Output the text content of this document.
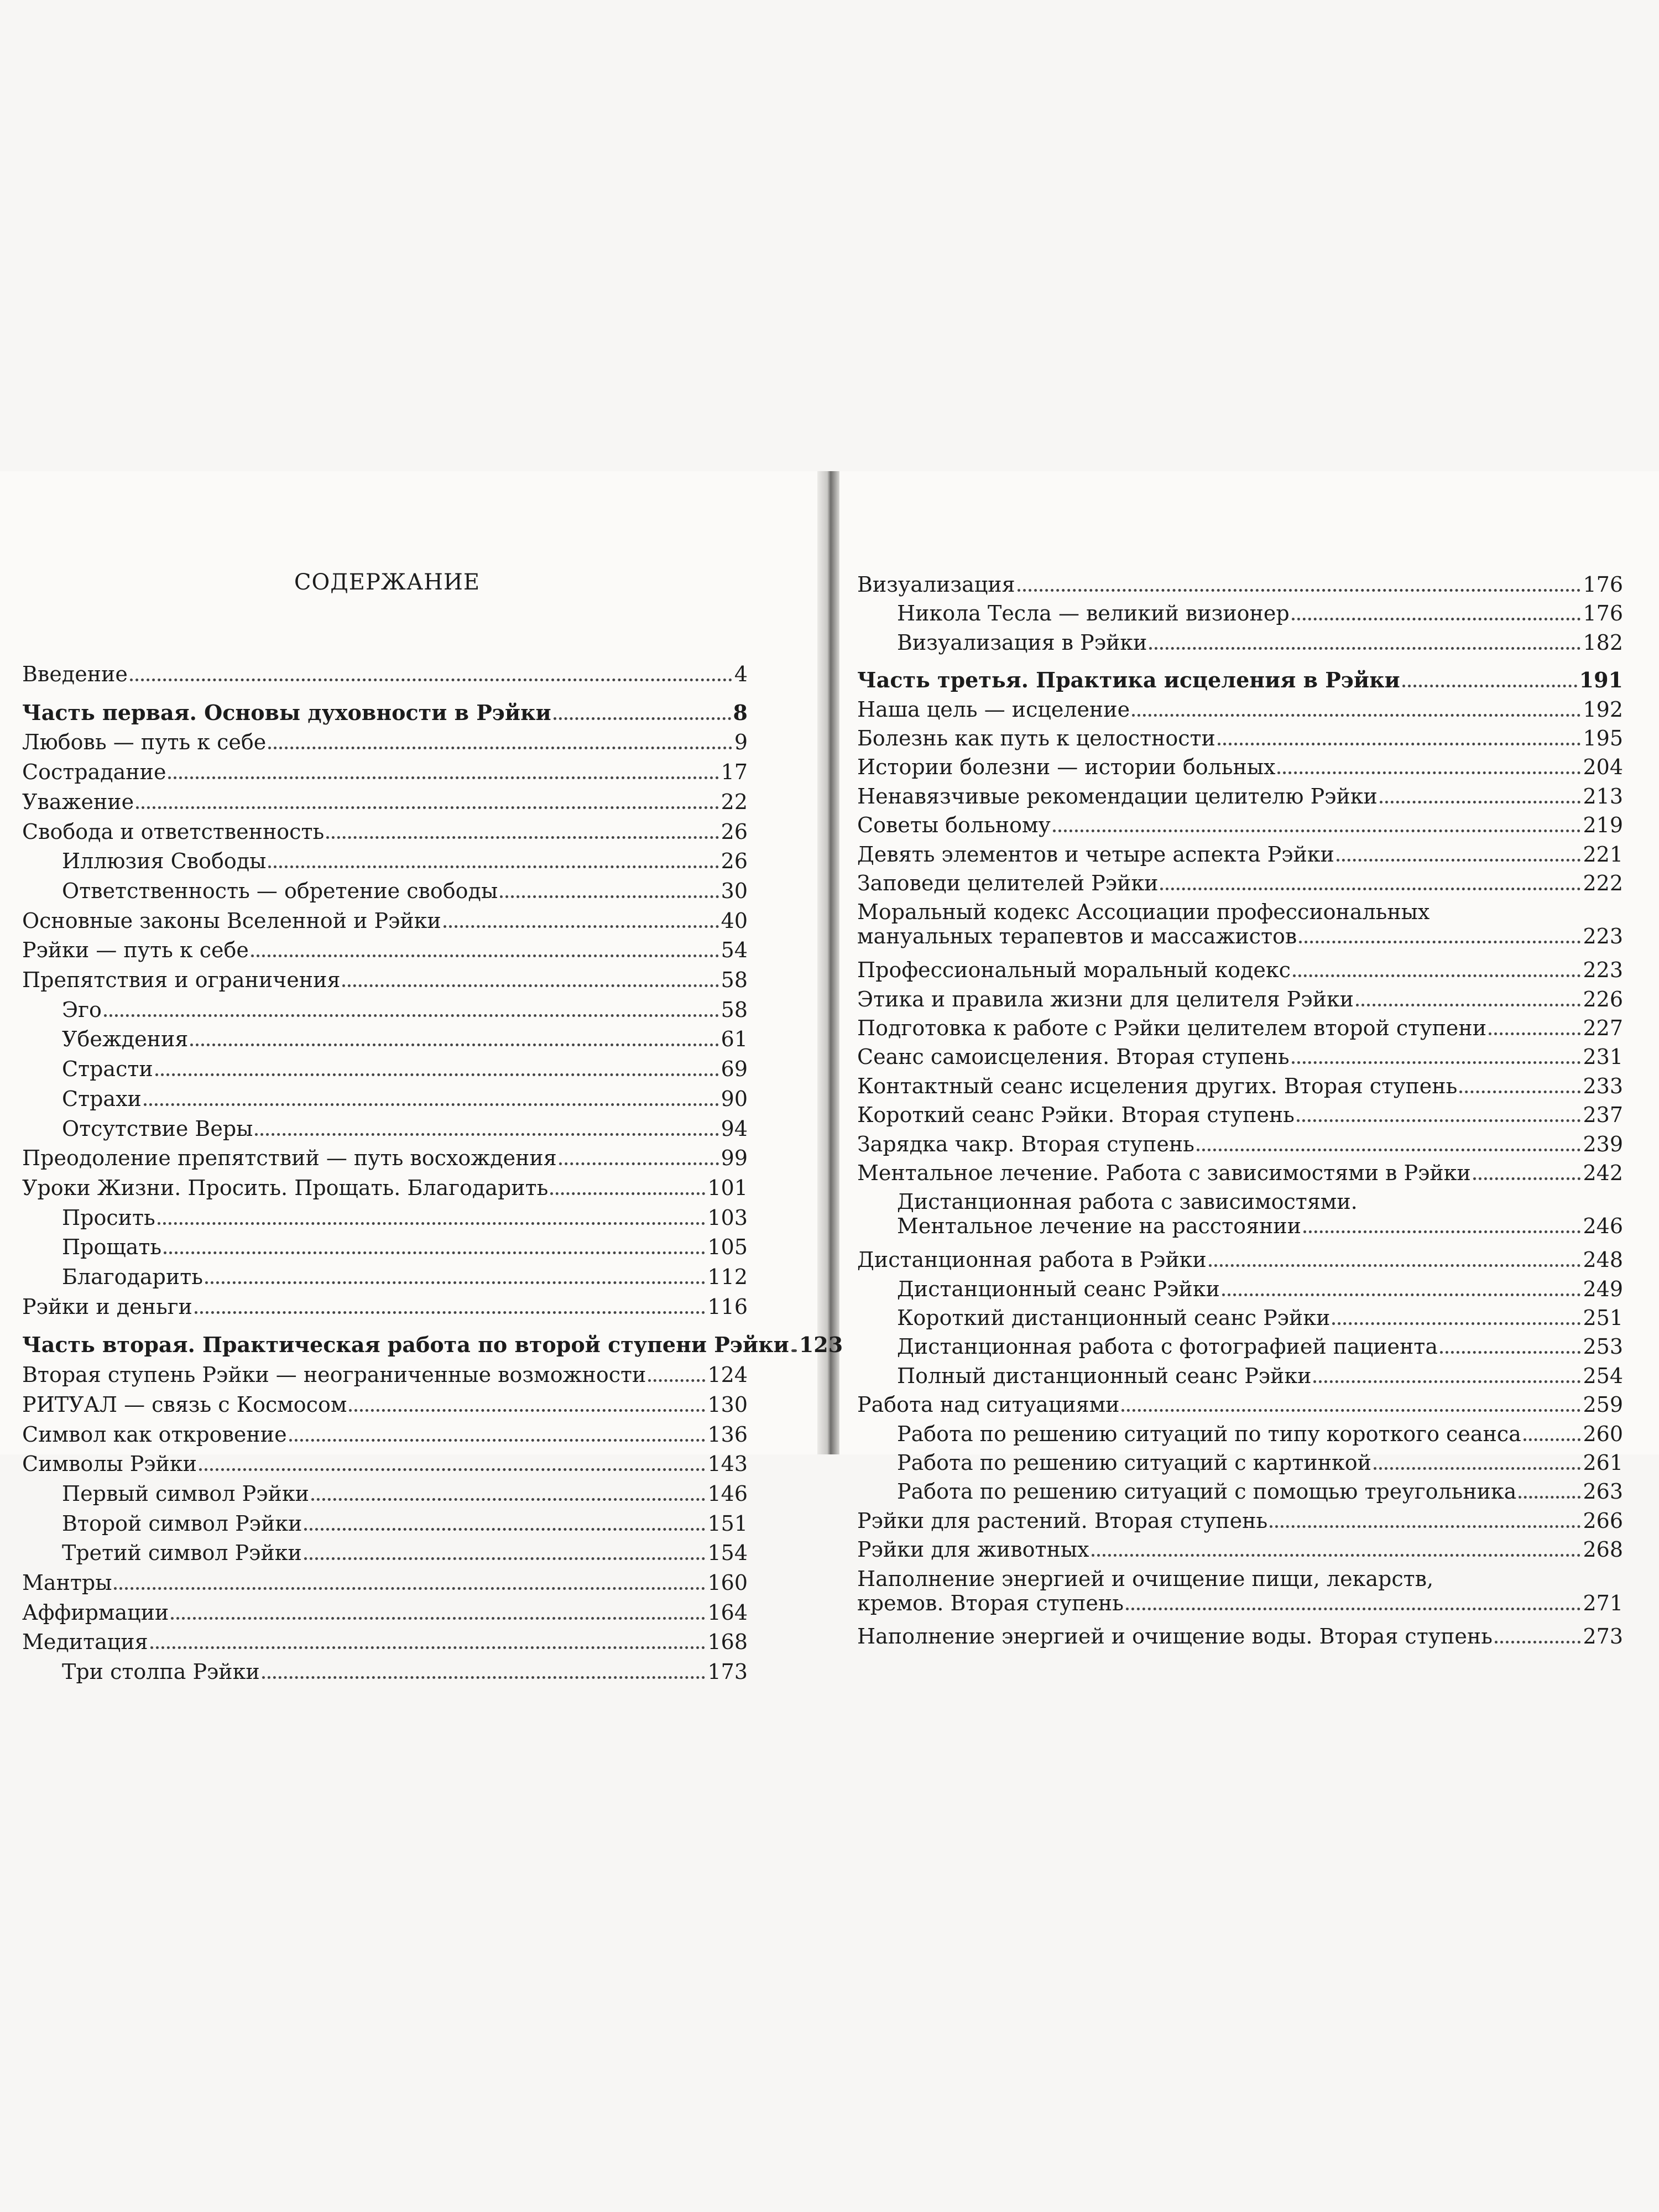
СОДЕРЖАНИЕ
Введение	4
Часть первая. Основы духовности в Рэйки	8
Любовь — путь к себе	9
Сострадание	17
Уважение	22
Свобода и ответственность	26
Иллюзия Свободы	26
Ответственность — обретение свободы	30
Основные законы Вселенной и Рэйки	40
Рэйки — путь к себе	54
Препятствия и ограничения	58
Эго	58
Убеждения	61
Страсти	69
Страхи	90
Отсутствие Веры	94
Преодоление препятствий — путь восхождения	99
Уроки Жизни. Просить. Прощать. Благодарить	101
Просить	103
Прощать	105
Благодарить	112
Рэйки и деньги	116
Часть вторая. Практическая работа по второй ступени Рэйки 123
Вторая ступень Рэйки — неограниченные возможности	124
РИТУАЛ — связь с Космосом	130
Символ как откровение	136
Символы Рэйки	143
Первый символ Рэйки	146
Второй символ Рэйки	151
Третий символ Рэйки	154
Мантры	160
Аффирмации	164
Медитация	168
Три столпа Рэйки	173
Визуализация	176
Никола Тесла — великий визионер	176
Визуализация в Рэйки	182
Часть третья. Практика исцеления в Рэйки	191
Наша цель — исцеление	192
Болезнь как путь к целостности	195
Истории болезни — истории больных	204
Ненавязчивые рекомендации целителю Рэйки	213
Советы больному	219
Девять элементов и четыре аспекта Рэйки	221
Заповеди целителей Рэйки	222
Моральный кодекс Ассоциации профессиональных
мануальных терапевтов и массажистов	223
Профессиональный моральный кодекс	223
Этика и правила жизни для целителя Рэйки	226
Подготовка к работе с Рэйки целителем второй ступени	227
Сеанс самоисцеления. Вторая ступень	231
Контактный сеанс исцеления других. Вторая ступень	233
Короткий сеанс Рэйки. Вторая ступень	237
Зарядка чакр. Вторая ступень	239
Ментальное лечение. Работа с зависимостями в Рэйки	242
Дистанционная работа с зависимостями.
Ментальное лечение на расстоянии	246
Дистанционная работа в Рэйки	248
Дистанционный сеанс Рэйки	249
Короткий дистанционный сеанс Рэйки	251
Дистанционная работа с фотографией пациента	253
Полный дистанционный сеанс Рэйки	254
Работа над ситуациями	259
Работа по решению ситуаций по типу короткого сеанса	260
Работа по решению ситуаций с картинкой	261
Работа по решению ситуаций с помощью треугольника	263
Рэйки для растений. Вторая ступень	266
Рэйки для животных	268
Наполнение энергией и очищение пищи, лекарств,
кремов. Вторая ступень	271
Наполнение энергией и очищение воды. Вторая ступень	273
